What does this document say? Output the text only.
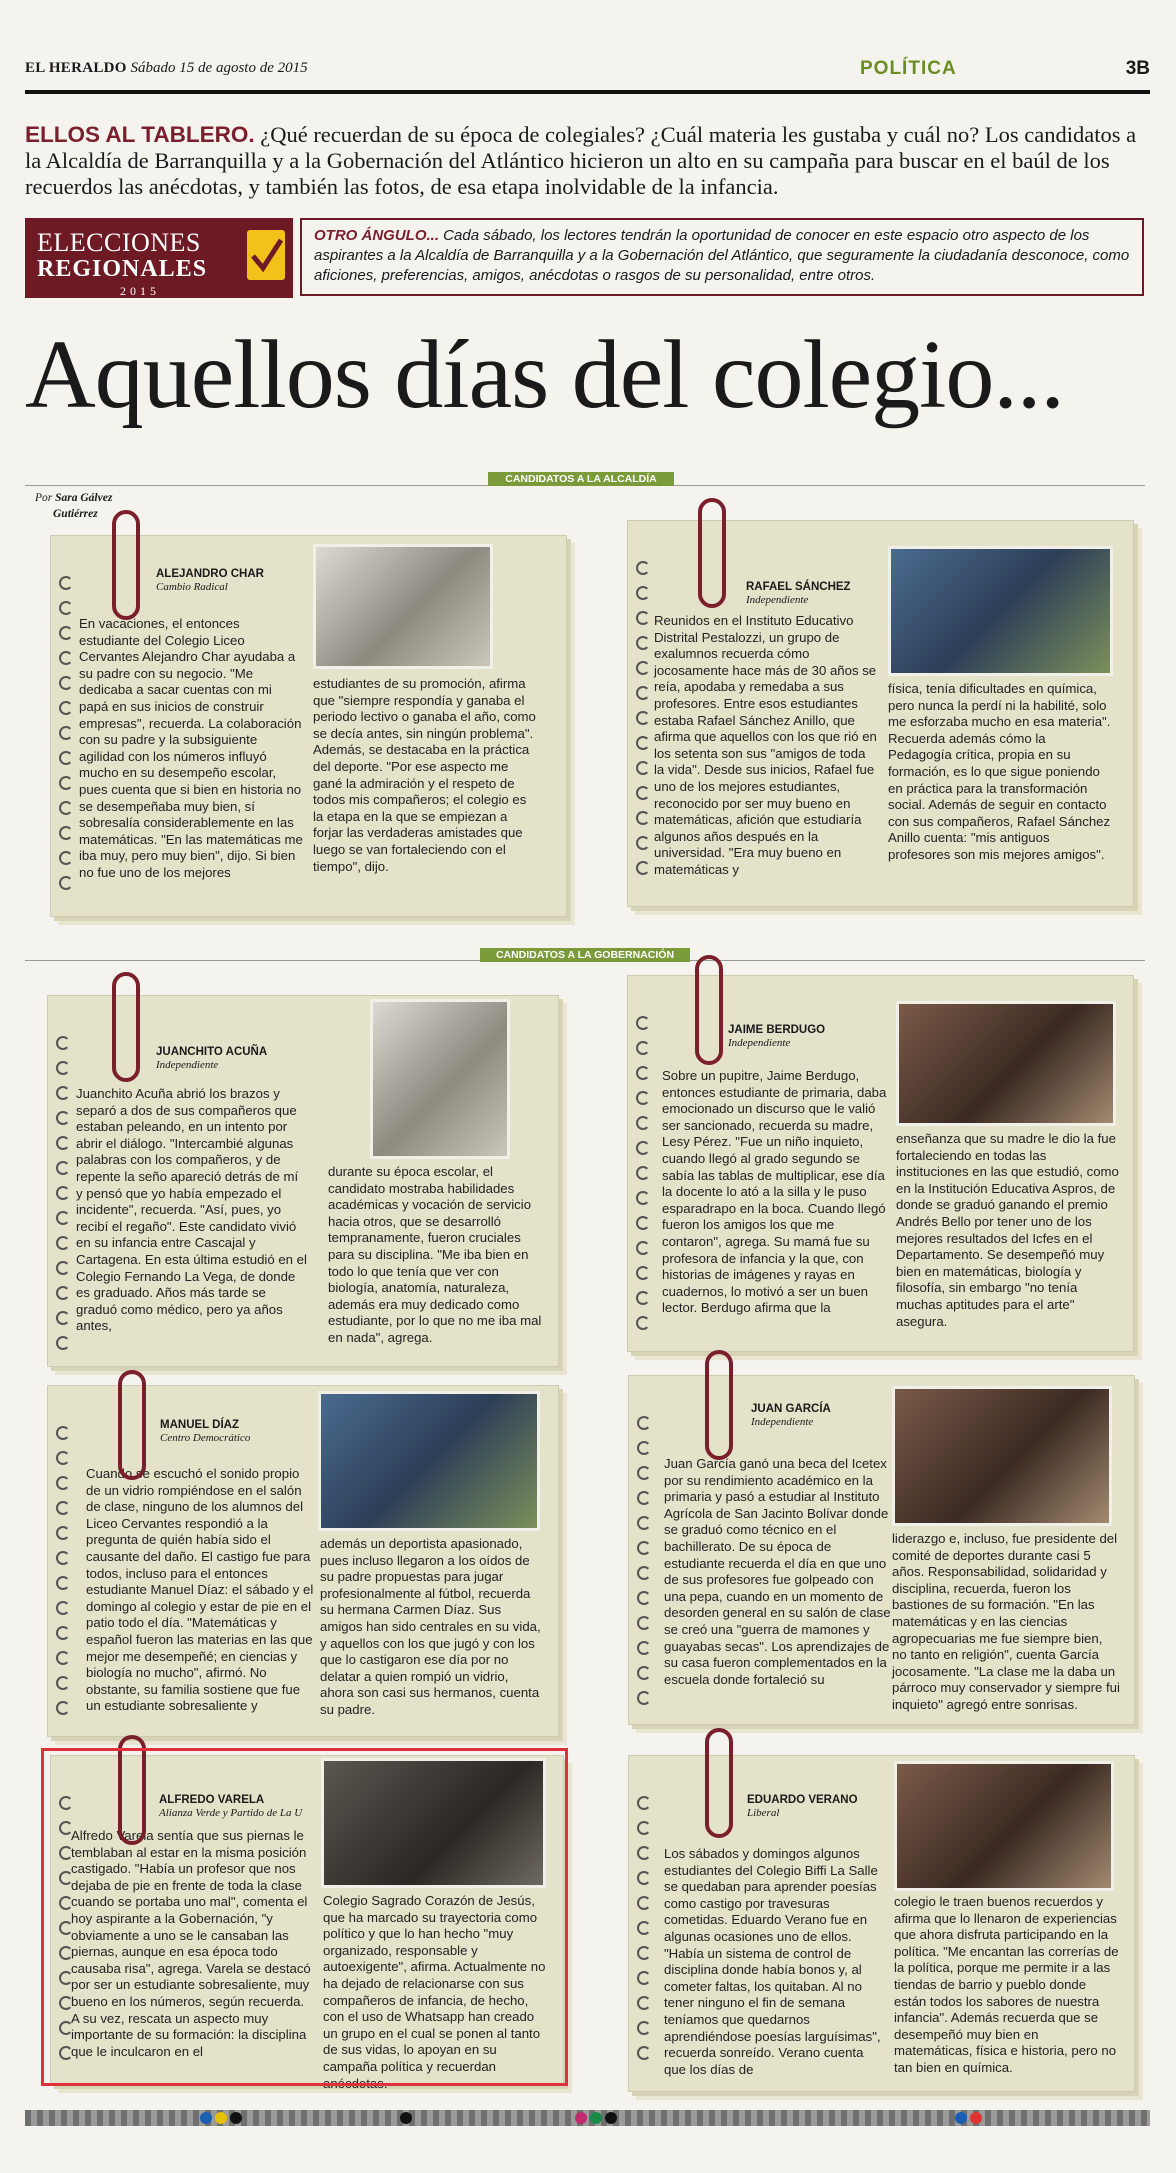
EL HERALDO Sábado 15 de agosto de 2015	POLÍTICA	3B
ELLOS AL TABLERO. ¿Qué recuerdan de su época de colegiales? ¿Cuál materia les gustaba y cuál no? Los candidatos a la Alcaldía de Barranquilla y a la Gobernación del Atlántico hicieron un alto en su campaña para buscar en el baúl de los recuerdos las anécdotas, y también las fotos, de esa etapa inolvidable de la infancia.
ELECCIONES
REGIONALES
2015
OTRO ÁNGULO... Cada sábado, los lectores tendrán la oportunidad de conocer en este espacio otro aspecto de los aspirantes a la Alcaldía de Barranquilla y a la Gobernación del Atlántico, que seguramente la ciudadanía desconoce, como aficiones, preferencias, amigos, anécdotas o rasgos de su personalidad, entre otros.
Aquellos días del colegio...
CANDIDATOS A LA ALCALDÍA
Por Sara Gálvez
Gutiérrez
CANDIDATOS A LA GOBERNACIÓN
ALEJANDRO CHAR
Cambio Radical
En vacaciones, el entonces estudiante del Colegio Liceo Cervantes Alejandro Char ayudaba a su padre con su negocio. "Me dedicaba a sacar cuentas con mi papá en sus inicios de construir empresas", recuerda. La colaboración con su padre y la subsiguiente agilidad con los números influyó mucho en su desempeño escolar, pues cuenta que si bien en historia no se desempeñaba muy bien, sí sobresalía considerablemente en las matemáticas. "En las matemáticas me iba muy, pero muy bien", dijo. Si bien no fue uno de los mejores
estudiantes de su promoción, afirma que "siempre respondía y ganaba el periodo lectivo o ganaba el año, como se decía antes, sin ningún problema". Además, se destacaba en la práctica del deporte. "Por ese aspecto me gané la admiración y el respeto de todos mis compañeros; el colegio es la etapa en la que se empiezan a forjar las verdaderas amistades que luego se van fortaleciendo con el tiempo", dijo.
RAFAEL SÁNCHEZ
Independiente
Reunidos en el Instituto Educativo Distrital Pestalozzi, un grupo de exalumnos recuerda cómo jocosamente hace más de 30 años se reía, apodaba y remedaba a sus profesores. Entre esos estudiantes estaba Rafael Sánchez Anillo, que afirma que aquellos con los que rió en los setenta son sus "amigos de toda la vida". Desde sus inicios, Rafael fue uno de los mejores estudiantes, reconocido por ser muy bueno en matemáticas, afición que estudiaría algunos años después en la universidad. "Era muy bueno en matemáticas y
física, tenía dificultades en química, pero nunca la perdí ni la habilité, solo me esforzaba mucho en esa materia". Recuerda además cómo la Pedagogía crítica, propia en su formación, es lo que sigue poniendo en práctica para la transformación social. Además de seguir en contacto con sus compañeros, Rafael Sánchez Anillo cuenta: "mis antiguos profesores son mis mejores amigos".
JUANCHITO ACUÑA
Independiente
Juanchito Acuña abrió los brazos y separó a dos de sus compañeros que estaban peleando, en un intento por abrir el diálogo. "Intercambié algunas palabras con los compañeros, y de repente la seño apareció detrás de mí y pensó que yo había empezado el incidente", recuerda. "Así, pues, yo recibí el regaño". Este candidato vivió en su infancia entre Cascajal y Cartagena. En esta última estudió en el Colegio Fernando La Vega, de donde es graduado. Años más tarde se graduó como médico, pero ya años antes,
durante su época escolar, el candidato mostraba habilidades académicas y vocación de servicio hacia otros, que se desarrolló tempranamente, fueron cruciales para su disciplina. "Me iba bien en todo lo que tenía que ver con biología, anatomía, naturaleza, además era muy dedicado como estudiante, por lo que no me iba mal en nada", agrega.
JAIME BERDUGO
Independiente
Sobre un pupitre, Jaime Berdugo, entonces estudiante de primaria, daba emocionado un discurso que le valió ser sancionado, recuerda su madre, Lesy Pérez. "Fue un niño inquieto, cuando llegó al grado segundo se sabía las tablas de multiplicar, ese día la docente lo ató a la silla y le puso esparadrapo en la boca. Cuando llegó fueron los amigos los que me contaron", agrega. Su mamá fue su profesora de infancia y la que, con historias de imágenes y rayas en cuadernos, lo motivó a ser un buen lector. Berdugo afirma que la
enseñanza que su madre le dio la fue fortaleciendo en todas las instituciones en las que estudió, como en la Institución Educativa Aspros, de donde se graduó ganando el premio Andrés Bello por tener uno de los mejores resultados del Icfes en el Departamento. Se desempeñó muy bien en matemáticas, biología y filosofía, sin embargo "no tenía muchas aptitudes para el arte" asegura.
MANUEL DÍAZ
Centro Democrático
Cuando se escuchó el sonido propio de un vidrio rompiéndose en el salón de clase, ninguno de los alumnos del Liceo Cervantes respondió a la pregunta de quién había sido el causante del daño. El castigo fue para todos, incluso para el entonces estudiante Manuel Díaz: el sábado y el domingo al colegio y estar de pie en el patio todo el día. "Matemáticas y español fueron las materias en las que mejor me desempeñé; en ciencias y biología no mucho", afirmó. No obstante, su familia sostiene que fue un estudiante sobresaliente y
además un deportista apasionado, pues incluso llegaron a los oídos de su padre propuestas para jugar profesionalmente al fútbol, recuerda su hermana Carmen Díaz. Sus amigos han sido centrales en su vida, y aquellos con los que jugó y con los que lo castigaron ese día por no delatar a quien rompió un vidrio, ahora son casi sus hermanos, cuenta su padre.
JUAN GARCÍA
Independiente
Juan García ganó una beca del Icetex por su rendimiento académico en la primaria y pasó a estudiar al Instituto Agrícola de San Jacinto Bolívar donde se graduó como técnico en el bachillerato. De su época de estudiante recuerda el día en que uno de sus profesores fue golpeado con una pepa, cuando en un momento de desorden general en su salón de clase se creó una "guerra de mamones y guayabas secas". Los aprendizajes de su casa fueron complementados en la escuela donde fortaleció su
liderazgo e, incluso, fue presidente del comité de deportes durante casi 5 años. Responsabilidad, solidaridad y disciplina, recuerda, fueron los bastiones de su formación. "En las matemáticas y en las ciencias agropecuarias me fue siempre bien, no tanto en religión", cuenta García jocosamente. "La clase me la daba un párroco muy conservador y siempre fui inquieto" agregó entre sonrisas.
ALFREDO VARELA
Alianza Verde y Partido de La U
Alfredo Varela sentía que sus piernas le temblaban al estar en la misma posición castigado. "Había un profesor que nos dejaba de pie en frente de toda la clase cuando se portaba uno mal", comenta el hoy aspirante a la Gobernación, "y obviamente a uno se le cansaban las piernas, aunque en esa época todo causaba risa", agrega. Varela se destacó por ser un estudiante sobresaliente, muy bueno en los números, según recuerda. A su vez, rescata un aspecto muy importante de su formación: la disciplina que le inculcaron en el
Colegio Sagrado Corazón de Jesús, que ha marcado su trayectoria como político y que lo han hecho "muy organizado, responsable y autoexigente", afirma. Actualmente no ha dejado de relacionarse con sus compañeros de infancia, de hecho, con el uso de Whatsapp han creado un grupo en el cual se ponen al tanto de sus vidas, lo apoyan en su campaña política y recuerdan anécdotas.
EDUARDO VERANO
Liberal
Los sábados y domingos algunos estudiantes del Colegio Biffi La Salle se quedaban para aprender poesías como castigo por travesuras cometidas. Eduardo Verano fue en algunas ocasiones uno de ellos. "Había un sistema de control de disciplina donde había bonos y, al cometer faltas, los quitaban. Al no tener ninguno el fin de semana teníamos que quedarnos aprendiéndose poesías larguísimas", recuerda sonreído. Verano cuenta que los días de
colegio le traen buenos recuerdos y afirma que lo llenaron de experiencias que ahora disfruta participando en la política. "Me encantan las correrías de la política, porque me permite ir a las tiendas de barrio y pueblo donde están todos los sabores de nuestra infancia". Además recuerda que se desempeñó muy bien en matemáticas, física e historia, pero no tan bien en química.
